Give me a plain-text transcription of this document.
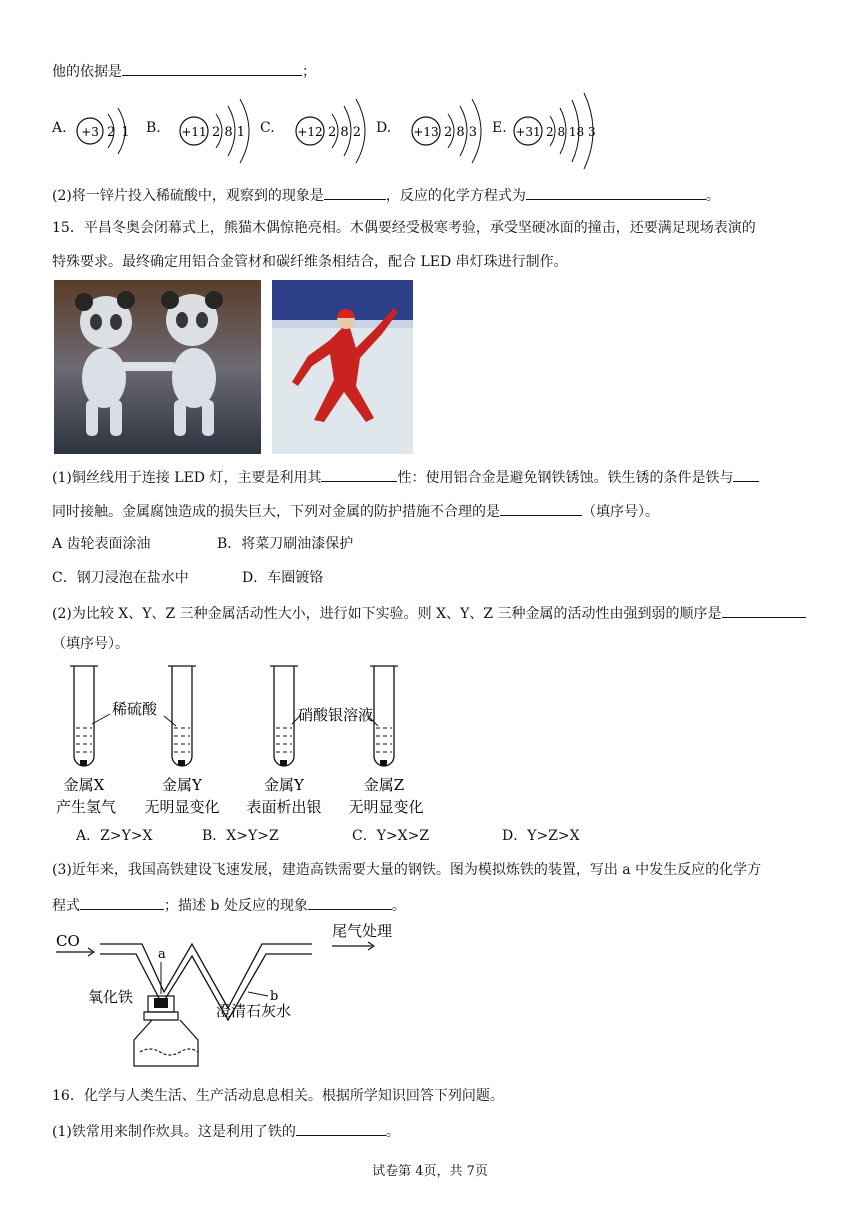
他的依据是	；
A. +3 2 1 B. +11 2 8 1 C. +12 2 8 2 D. +13 2 8 3 E. +31 2 8 18 3
(2)将一锌片投入稀硫酸中，观察到的现象是	，反应的化学方程式为	。
15．平昌冬奥会闭幕式上，熊猫木偶惊艳亮相。木偶要经受极寒考验，承受坚硬冰面的撞击，还要满足现场表演的
特殊要求。最终确定用铝合金管材和碳纤维条相结合，配合 LED 串灯珠进行制作。
(1)铜丝线用于连接 LED 灯，主要是利用其	性：使用铝合金是避免钢铁锈蚀。铁生锈的条件是铁与
同时接触。金属腐蚀造成的损失巨大，下列对金属的防护措施不合理的是	（填序号）。
A 齿轮表面涂油	B．将菜刀刷油漆保护
C．钢刀浸泡在盐水中	D．车圈镀铬
(2)为比较 X、Y、Z 三种金属活动性大小，进行如下实验。则 X、Y、Z 三种金属的活动性由强到弱的顺序是
（填序号）。
稀硫酸	硝酸银溶液
金属X	金属Y	金属Y	金属Z
产生氢气 无明显变化 表面析出银 无明显变化
A．Z>Y>X	B．X>Y>Z	C．Y>X>Z	D．Y>Z>X
(3)近年来，我国高铁建设飞速发展，建造高铁需要大量的钢铁。图为模拟炼铁的装置，写出 a 中发生反应的化学方
程式	；描述 b 处反应的现象	。
CO
尾气处理
a
b
氧化铁
澄清石灰水
16．化学与人类生活、生产活动息息相关。根据所学知识回答下列问题。
(1)铁常用来制作炊具。这是利用了铁的	。
试卷第 4页，共 7页
